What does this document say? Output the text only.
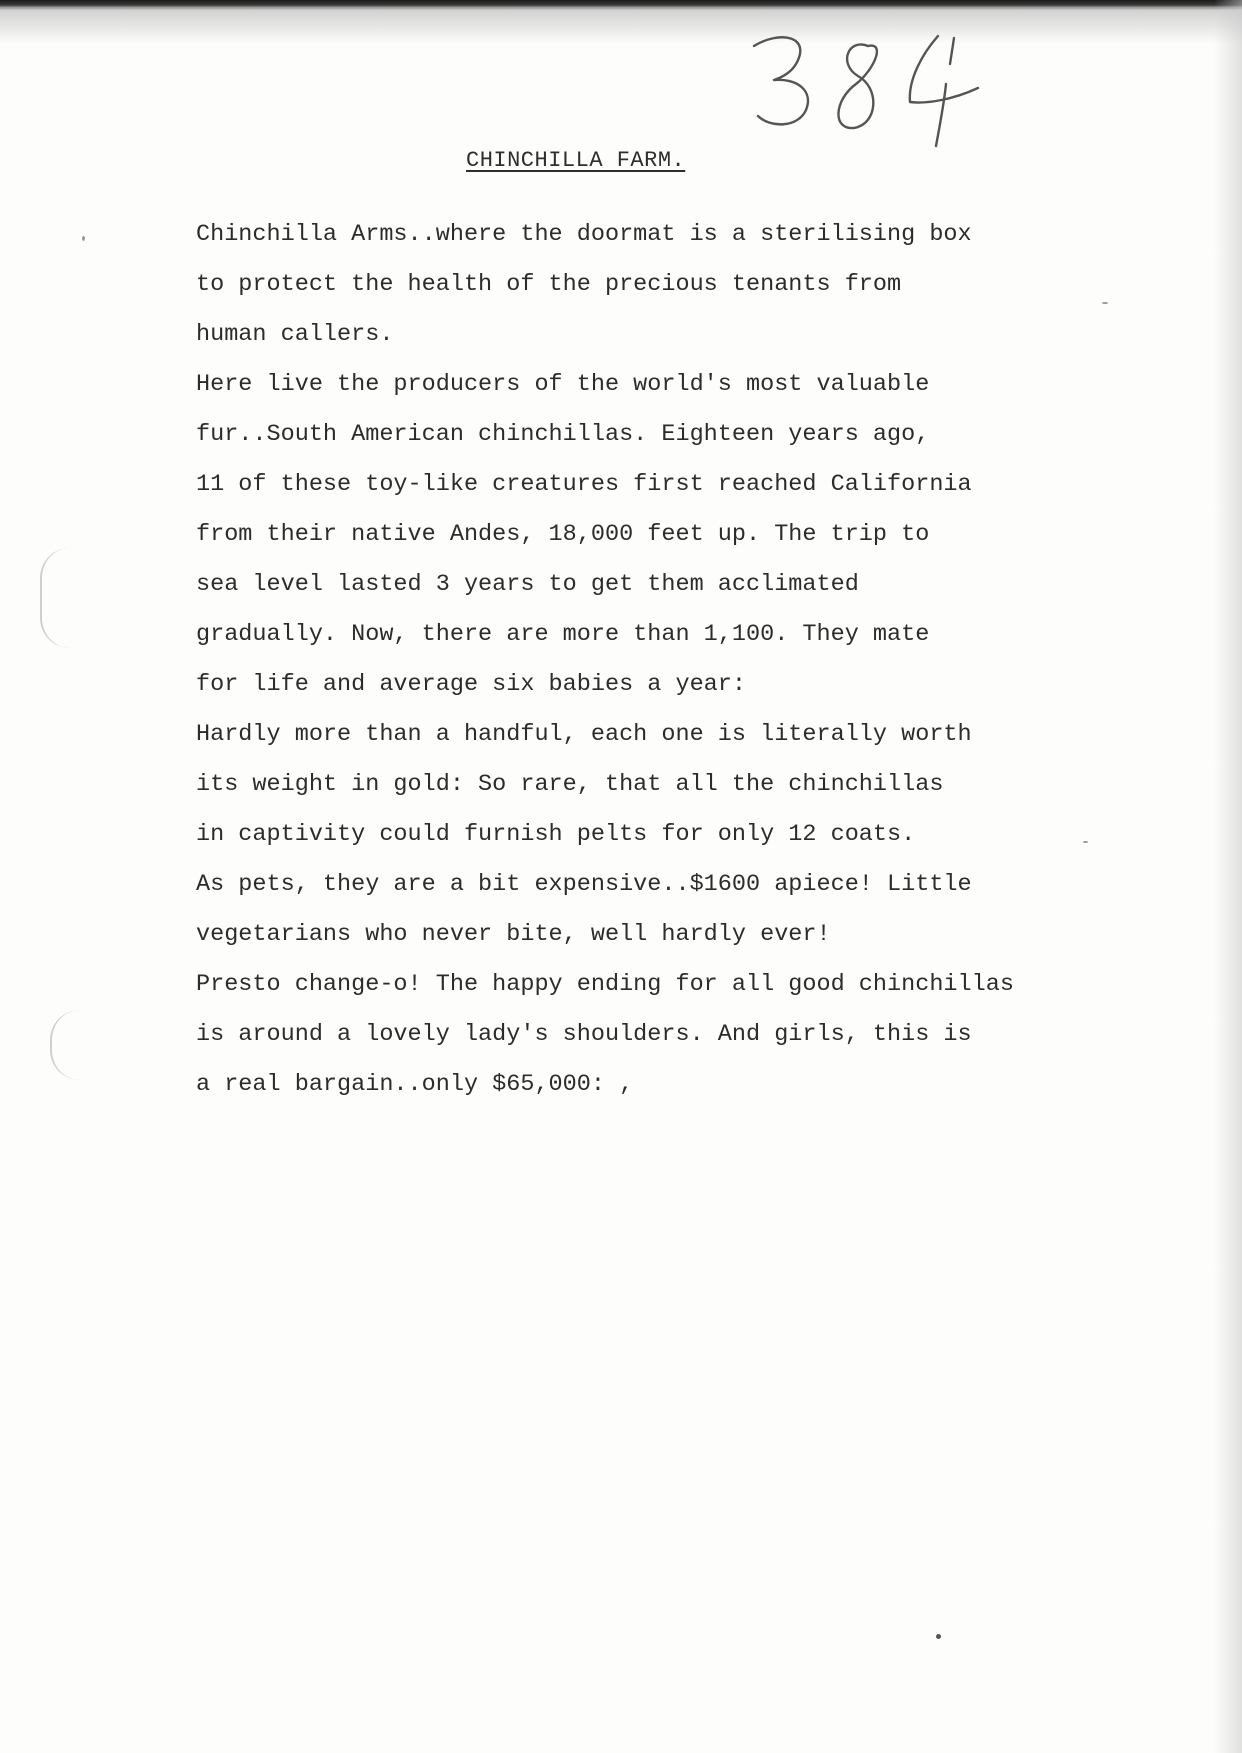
CHINCHILLA FARM.
Chinchilla Arms..where the doormat is a sterilising box
to protect the health of the precious tenants from
human callers.
Here live the producers of the world's most valuable
fur..South American chinchillas. Eighteen years ago,
11 of these toy-like creatures first reached California
from their native Andes, 18,000 feet up. The trip to
sea level lasted 3 years to get them acclimated
gradually. Now, there are more than 1,100. They mate
for life and average six babies a year:
Hardly more than a handful, each one is literally worth
its weight in gold: So rare, that all the chinchillas
in captivity could furnish pelts for only 12 coats.
As pets, they are a bit expensive..$1600 apiece! Little
vegetarians who never bite, well hardly ever!
Presto change-o! The happy ending for all good chinchillas
is around a lovely lady's shoulders. And girls, this is
a real bargain..only $65,000: ,
